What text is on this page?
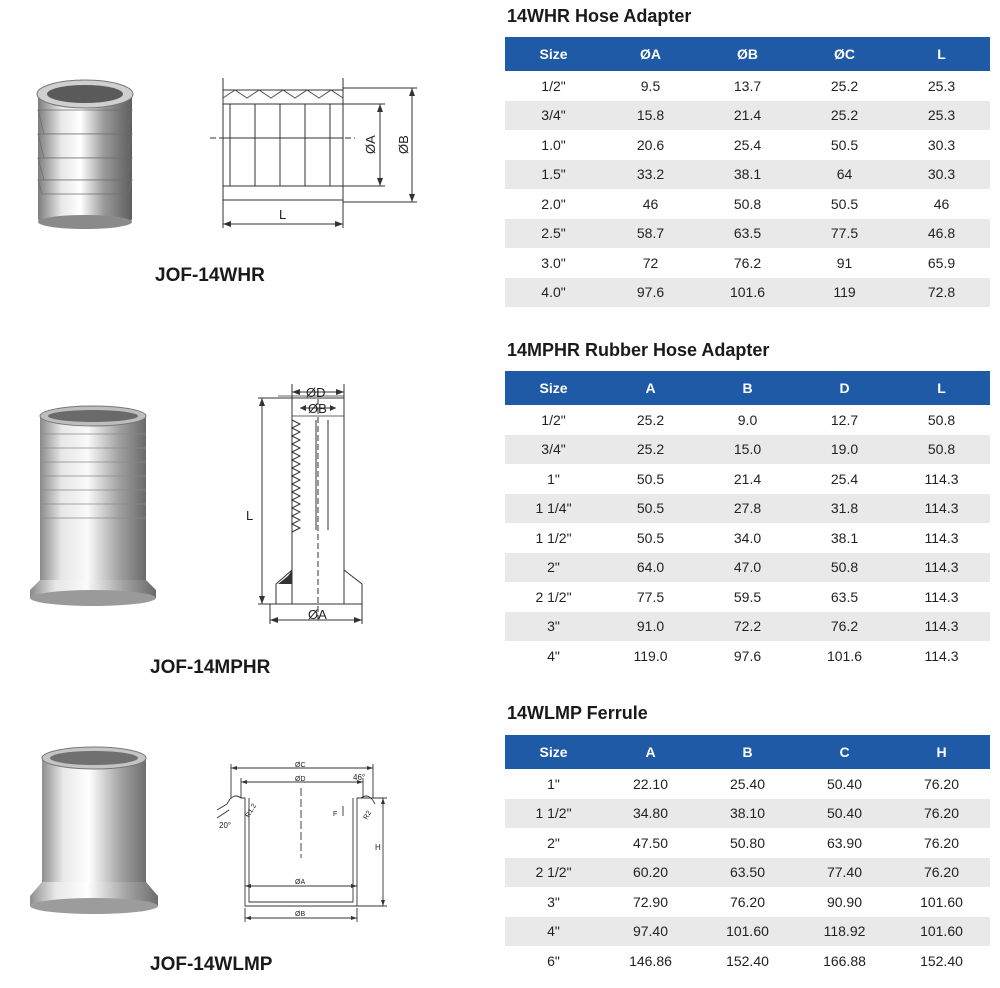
L
ØA ØB
JOF-14WHR
ØD
ØB
L
ØA
JOF-14MPHR
ØC
ØD	46°
R1.2	R2
20°
F
H
ØA
ØB
JOF-14WLMP
14WHR Hose Adapter
Size	ØA	ØB	ØC	L
1/2"	9.5	13.7	25.2	25.3
3/4"	15.8	21.4	25.2	25.3
1.0"	20.6	25.4	50.5	30.3
1.5"	33.2	38.1	64	30.3
2.0"	46	50.8	50.5	46
2.5"	58.7	63.5	77.5	46.8
3.0"	72	76.2	91	65.9
4.0"	97.6	101.6	119	72.8
14MPHR Rubber Hose Adapter
Size	A	B	D	L
1/2"	25.2	9.0	12.7	50.8
3/4"	25.2	15.0	19.0	50.8
1"	50.5	21.4	25.4	114.3
1 1/4"	50.5	27.8	31.8	114.3
1 1/2"	50.5	34.0	38.1	114.3
2"	64.0	47.0	50.8	114.3
2 1/2"	77.5	59.5	63.5	114.3
3"	91.0	72.2	76.2	114.3
4"	119.0	97.6	101.6	114.3
14WLMP Ferrule
Size	A	B	C	H
1"	22.10	25.40	50.40	76.20
1 1/2"	34.80	38.10	50.40	76.20
2"	47.50	50.80	63.90	76.20
2 1/2"	60.20	63.50	77.40	76.20
3"	72.90	76.20	90.90	101.60
4"	97.40	101.60	118.92	101.60
6"	146.86	152.40	166.88	152.40
